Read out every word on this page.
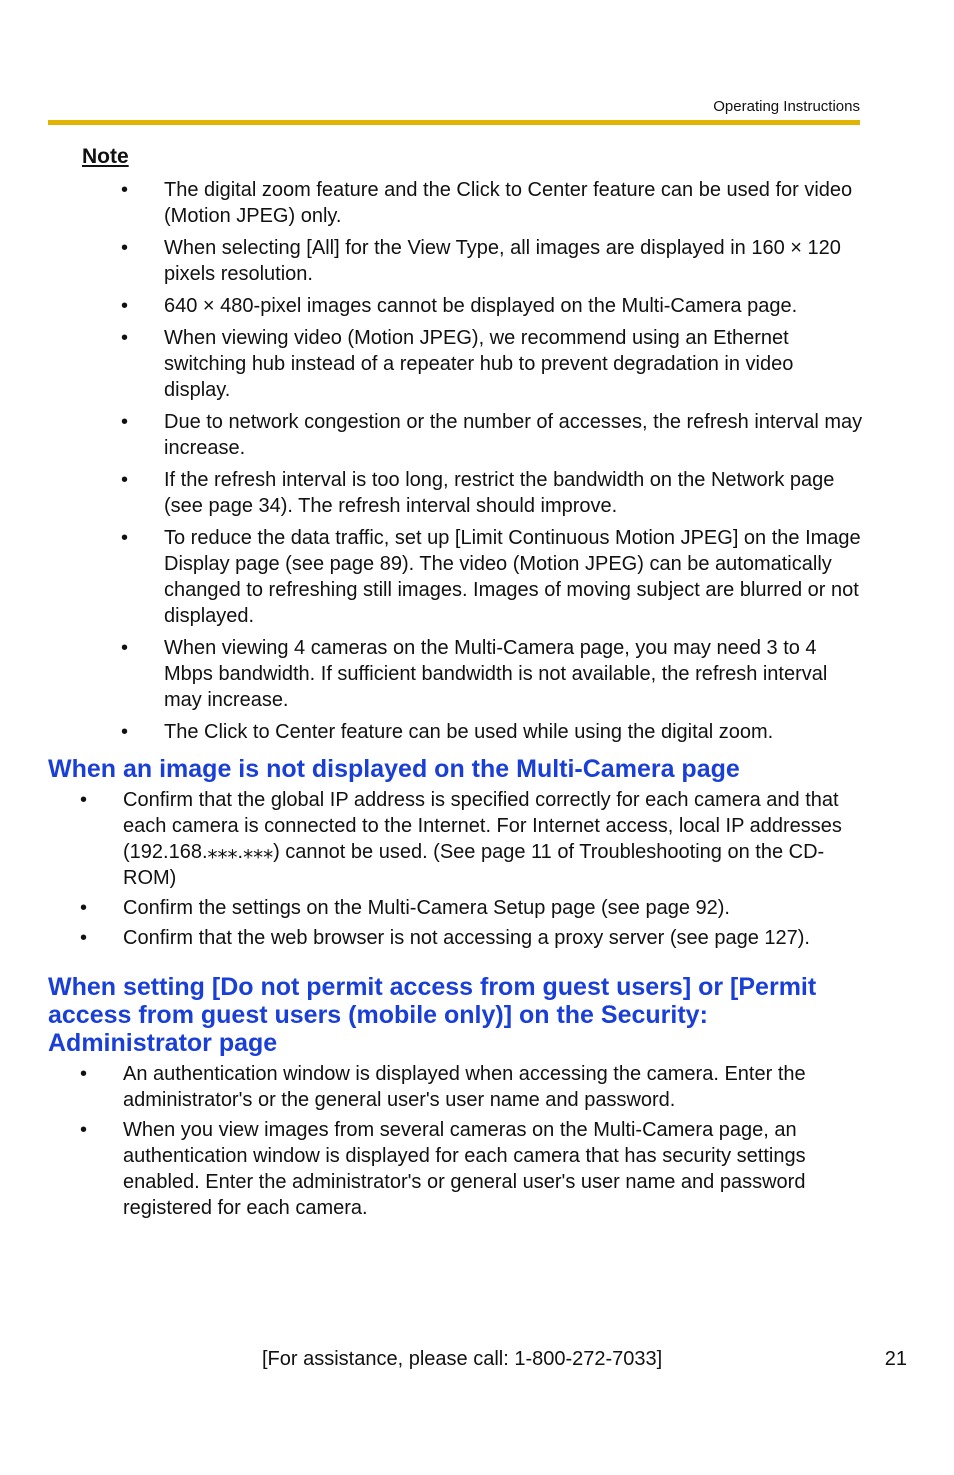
Operating Instructions
Note
• The digital zoom feature and the Click to Center feature can be used for video (Motion JPEG) only.
• When selecting [All] for the View Type, all images are displayed in 160 × 120 pixels resolution.
• 640 × 480-pixel images cannot be displayed on the Multi-Camera page.
• When viewing video (Motion JPEG), we recommend using an Ethernet switching hub instead of a repeater hub to prevent degradation in video display.
• Due to network congestion or the number of accesses, the refresh interval may increase.
• If the refresh interval is too long, restrict the bandwidth on the Network page (see page 34). The refresh interval should improve.
• To reduce the data traffic, set up [Limit Continuous Motion JPEG] on the Image Display page (see page 89). The video (Motion JPEG) can be automatically changed to refreshing still images. Images of moving subject are blurred or not displayed.
• When viewing 4 cameras on the Multi-Camera page, you may need 3 to 4 Mbps bandwidth. If sufficient bandwidth is not available, the refresh interval may increase.
• The Click to Center feature can be used while using the digital zoom.
When an image is not displayed on the Multi-Camera page
• Confirm that the global IP address is specified correctly for each camera and that each camera is connected to the Internet. For Internet access, local IP addresses (192.168.⁎⁎⁎.⁎⁎⁎) cannot be used. (See page 11 of Troubleshooting on the CD-ROM)
• Confirm the settings on the Multi-Camera Setup page (see page 92).
• Confirm that the web browser is not accessing a proxy server (see page 127).
When setting [Do not permit access from guest users] or [Permit access from guest users (mobile only)] on the Security: Administrator page
• An authentication window is displayed when accessing the camera. Enter the administrator's or the general user's user name and password.
• When you view images from several cameras on the Multi-Camera page, an authentication window is displayed for each camera that has security settings enabled. Enter the administrator's or general user's user name and password registered for each camera.
[For assistance, please call: 1-800-272-7033]	21
